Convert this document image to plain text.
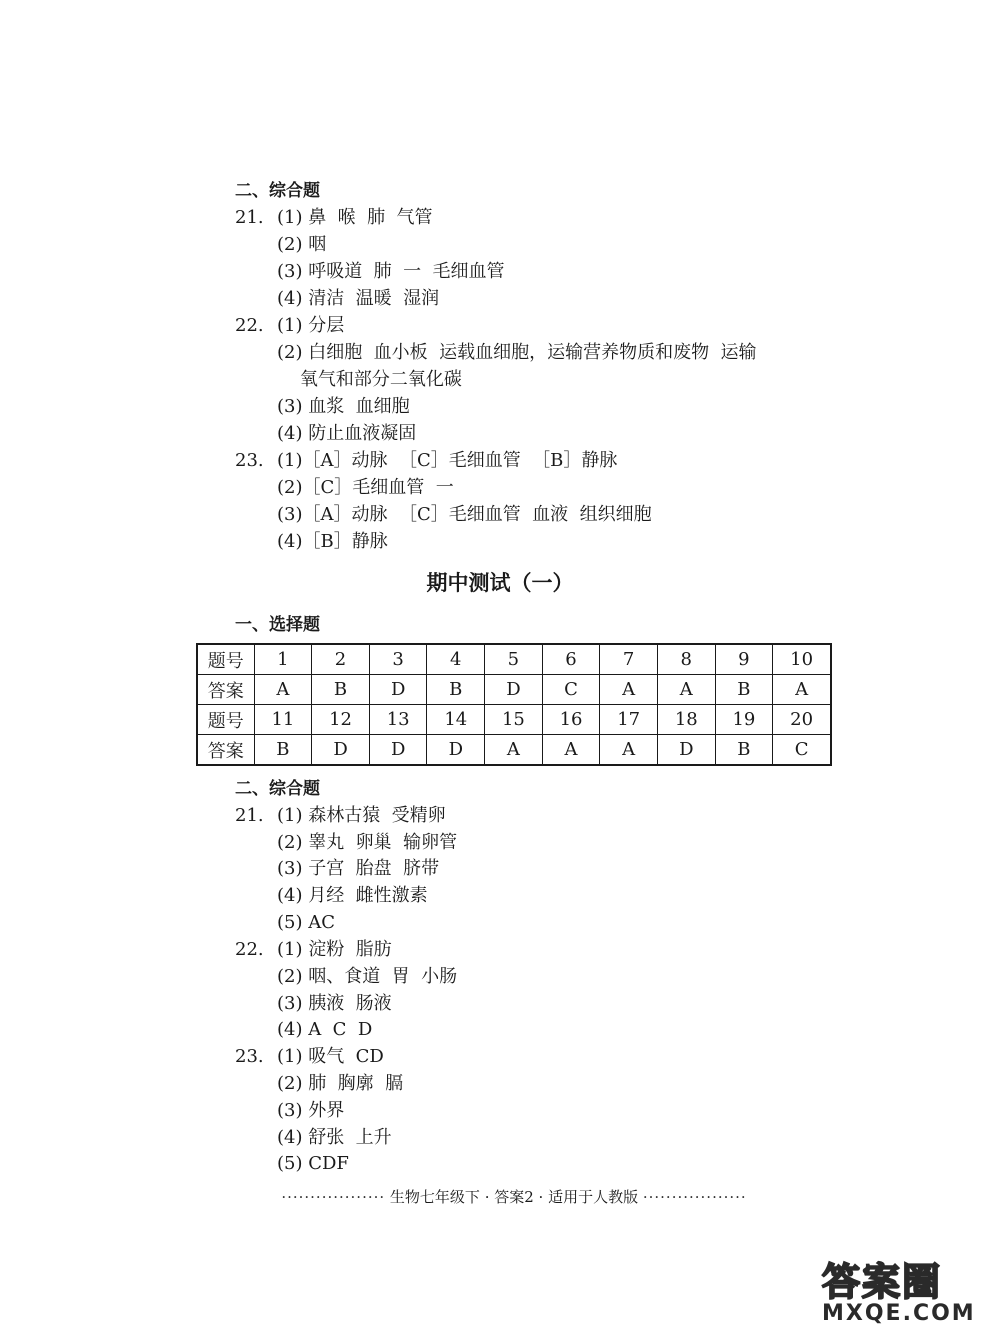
二、综合题
21. (1) 鼻  喉  肺  气管
(2) 咽
(3) 呼吸道  肺  一  毛细血管
(4) 清洁  温暖  湿润
22. (1) 分层
(2) 白细胞  血小板  运载血细胞，运输营养物质和废物  运输
氧气和部分二氧化碳
(3) 血浆  血细胞
(4) 防止血液凝固
23. (1)［A］动脉  ［C］毛细血管  ［B］静脉
(2)［C］毛细血管  一
(3)［A］动脉  ［C］毛细血管  血液  组织细胞
(4)［B］静脉
期中测试（一）
一、选择题
题号	1	2	3	4	5	6	7	8	9	10
答案	A	B	D	B	D	C	A	A	B	A
题号	11	12	13	14	15	16	17	18	19	20
答案	B	D	D	D	A	A	A	D	B	C
二、综合题
21. (1) 森林古猿  受精卵
(2) 睾丸  卵巢  输卵管
(3) 子宫  胎盘  脐带
(4) 月经  雌性激素
(5) AC
22. (1) 淀粉  脂肪
(2) 咽、食道  胃  小肠
(3) 胰液  肠液
(4) A  C  D
23. (1) 吸气  CD
(2) 肺  胸廓  膈
(3) 外界
(4) 舒张  上升
(5) CDF
·················· 生物七年级下 · 答案2 · 适用于人教版 ··················
答案圈
MXQE.COM
